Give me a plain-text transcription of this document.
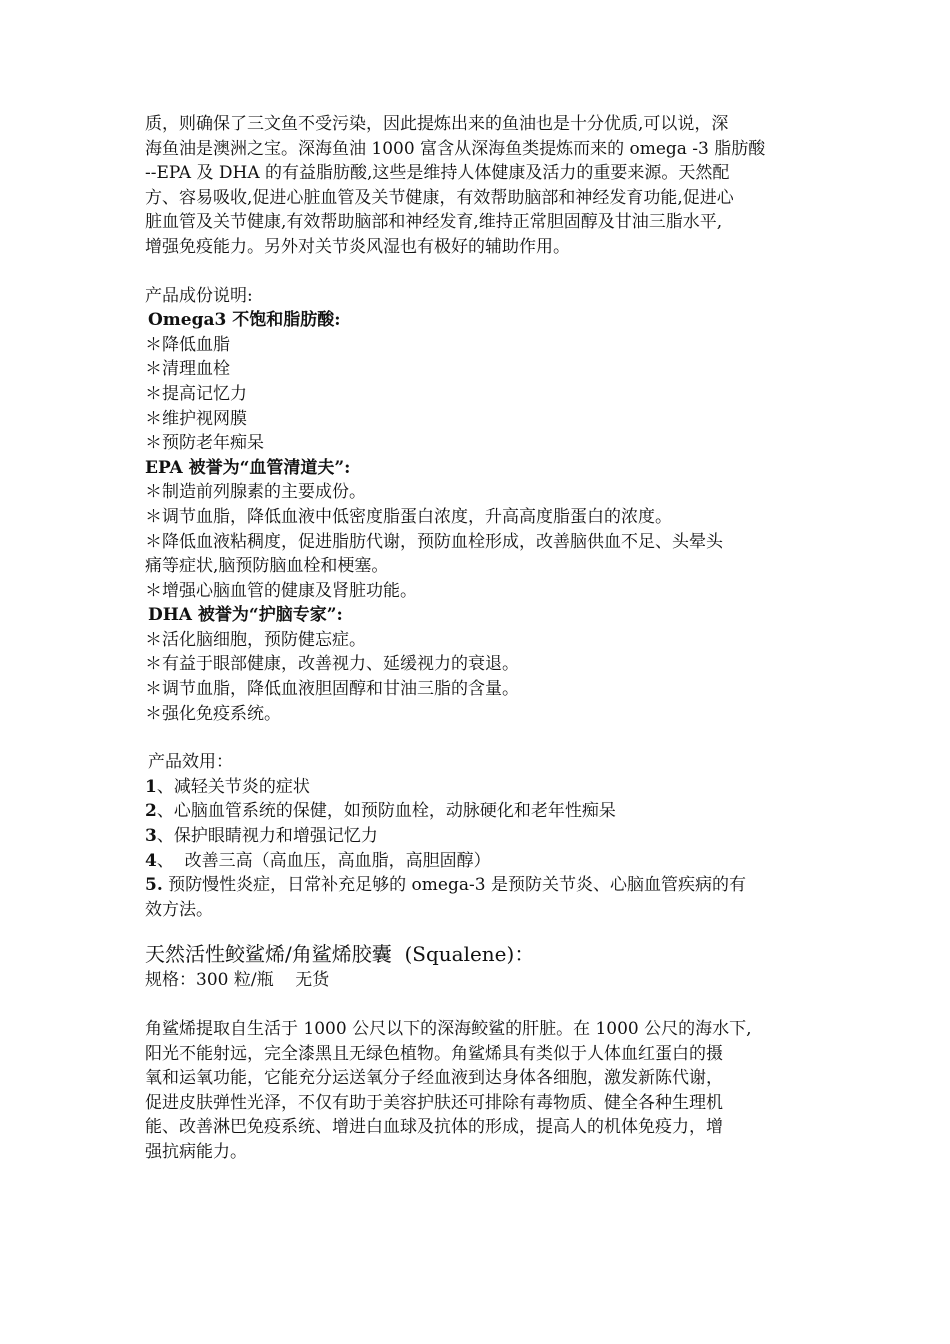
质，则确保了三文鱼不受污染，因此提炼出来的鱼油也是十分优质,可以说，深

海鱼油是澳洲之宝。深海鱼油 1000 富含从深海鱼类提炼而来的 omega -3 脂肪酸

--EPA 及 DHA 的有益脂肪酸,这些是维持人体健康及活力的重要来源。天然配

方、容易吸收,促进心脏血管及关节健康，有效帮助脑部和神经发育功能,促进心

脏血管及关节健康,有效帮助脑部和神经发育,维持正常胆固醇及甘油三脂水平,

增强免疫能力。另外对关节炎风湿也有极好的辅助作用。

产品成份说明:

Omega3 不饱和脂肪酸:

＊降低血脂

＊清理血栓

＊提高记忆力

＊维护视网膜

＊预防老年痴呆

EPA 被誉为“血管清道夫”:

＊制造前列腺素的主要成份。

＊调节血脂，降低血液中低密度脂蛋白浓度，升高高度脂蛋白的浓度。

＊降低血液粘稠度，促进脂肪代谢，预防血栓形成，改善脑供血不足、头晕头

痛等症状,脑预防脑血栓和梗塞。

＊增强心脑血管的健康及肾脏功能。

DHA 被誉为“护脑专家”:

＊活化脑细胞，预防健忘症。

＊有益于眼部健康，改善视力、延缓视力的衰退。

＊调节血脂，降低血液胆固醇和甘油三脂的含量。

＊强化免疫系统。

产品效用：

1、减轻关节炎的症状

2、心脑血管系统的保健，如预防血栓，动脉硬化和老年性痴呆

3、保护眼睛视力和增强记忆力

4、  改善三高（高血压，高血脂，高胆固醇）

5. 预防慢性炎症，日常补充足够的 omega-3 是预防关节炎、心脑血管疾病的有

效方法。

天然活性鲛鲨烯/角鲨烯胶囊  (Squalene)：

规格：300 粒/瓶    无货

角鲨烯提取自生活于 1000 公尺以下的深海鲛鲨的肝脏。在 1000 公尺的海水下,

阳光不能射远，完全漆黑且无绿色植物。角鲨烯具有类似于人体血红蛋白的摄

氧和运氧功能，它能充分运送氧分子经血液到达身体各细胞，激发新陈代谢，

促进皮肤弹性光泽，不仅有助于美容护肤还可排除有毒物质、健全各种生理机

能、改善淋巴免疫系统、增进白血球及抗体的形成，提高人的机体免疫力，增

强抗病能力。
